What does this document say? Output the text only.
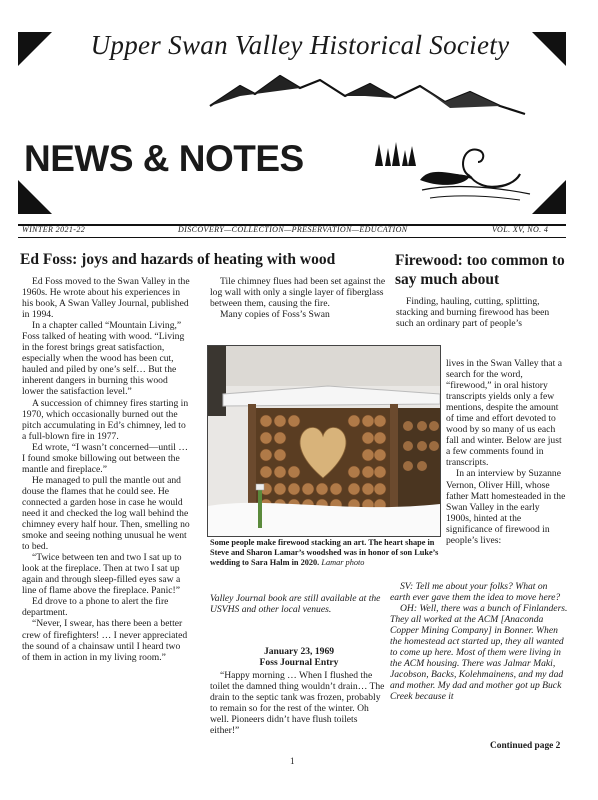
Upper Swan Valley Historical Society
NEWS & NOTES
WINTER 2021-22	DISCOVERY—COLLECTION—PRESERVATION—EDUCATION	VOL. XV, NO. 4
Ed Foss: joys and hazards of heating with wood	Firewood: too common to say much about

Ed Foss moved to the Swan Valley in the 1960s. He wrote about his experiences in his book, A Swan Valley Journal, published in 1994.

In a chapter called “Mountain Living,” Foss talked of heating with wood. “Living in the forest brings great satisfaction, especially when the wood has been cut, hauled and piled by one’s self… But the inherent dangers in burning this wood lower the satisfaction level.”

A succession of chimney fires starting in 1970, which occasionally burned out the pitch accumulating in Ed’s chimney, led to a full-blown fire in 1977.

Ed wrote, “I wasn’t concerned—until … I found smoke billowing out between the mantle and fireplace.”

He managed to pull the mantle out and douse the flames that he could see. He connected a garden hose in case he would need it and checked the log wall behind the chimney every half hour. Then, smelling no smoke and seeing nothing unusual he went to bed.

“Twice between ten and two I sat up to look at the fireplace. Then at two I sat up again and through sleep-filled eyes saw a line of flame above the fireplace. Panic!”

Ed drove to a phone to alert the fire department.

“Never, I swear, has there been a better crew of firefighters! … I never appreciated the sound of a chainsaw until I heard two of them in action in my living room.”

Tile chimney flues had been set against the log wall with only a single layer of fiberglass between them, causing the fire.

Many copies of Foss’s Swan

Some people make firewood stacking an art. The heart shape in Steve and Sharon Lamar’s woodshed was in honor of son Luke’s wedding to Sara Halm in 2020. Lamar photo

Valley Journal book are still available at the USVHS and other local venues.

January 23, 1969
Foss Journal Entry

“Happy morning … When I flushed the toilet the damned thing wouldn’t drain… The drain to the septic tank was frozen, probably to remain so for the rest of the winter. Oh well. Pioneers didn’t have flush toilets either!”

Finding, hauling, cutting, splitting, stacking and burning firewood has been such an ordinary part of people’s

lives in the Swan Valley that a search for the word, “firewood,” in oral history transcripts yields only a few mentions, despite the amount of time and effort devoted to wood by so many of us each fall and winter. Below are just a few comments found in transcripts.

In an interview by Suzanne Vernon, Oliver Hill, whose father Matt homesteaded in the Swan Valley in the early 1900s, hinted at the significance of firewood in people’s lives:

SV: Tell me about your folks? What on earth ever gave them the idea to move here?

OH: Well, there was a bunch of Finlanders. They all worked at the ACM [Anaconda Copper Mining Company] in Bonner. When the homestead act started up, they all wanted to come up here. Most of them were living in the ACM housing. There was Jalmar Maki, Jacobson, Backs, Kolehmainens, and my dad and mother. My dad and mother got up Buck Creek because it

Continued page 2
1
